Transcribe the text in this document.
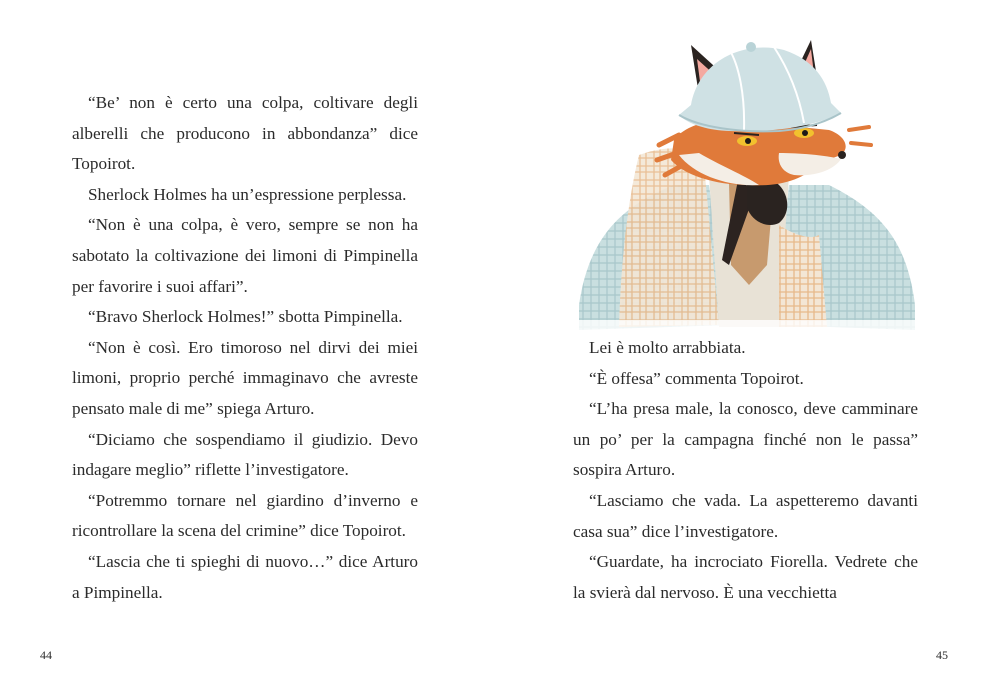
“Be’ non è certo una colpa, coltivare degli alberelli che producono in abbondanza” dice Topoirot.

Sherlock Holmes ha un’espressione perplessa.

“Non è una colpa, è vero, sempre se non ha sabotato la coltivazione dei limoni di Pimpinella per favorire i suoi affari”.

“Bravo Sherlock Holmes!” sbotta Pimpinella.

“Non è così. Ero timoroso nel dirvi dei miei limoni, proprio perché immaginavo che avreste pensato male di me” spiega Arturo.

“Diciamo che sospendiamo il giudizio. Devo indagare meglio” riflette l’investigatore.

“Potremmo tornare nel giardino d’inverno e ricontrollare la scena del crimine” dice Topoirot.

“Lascia che ti spieghi di nuovo…” dice Arturo a Pimpinella.

44

Lei è molto arrabbiata.

“È offesa” commenta Topoirot.

“L’ha presa male, la conosco, deve camminare un po’ per la campagna finché non le passa” sospira Arturo.

“Lasciamo che vada. La aspetteremo davanti casa sua” dice l’investigatore.

“Guardate, ha incrociato Fiorella. Vedrete che la svierà dal nervoso. È una vecchietta

45
